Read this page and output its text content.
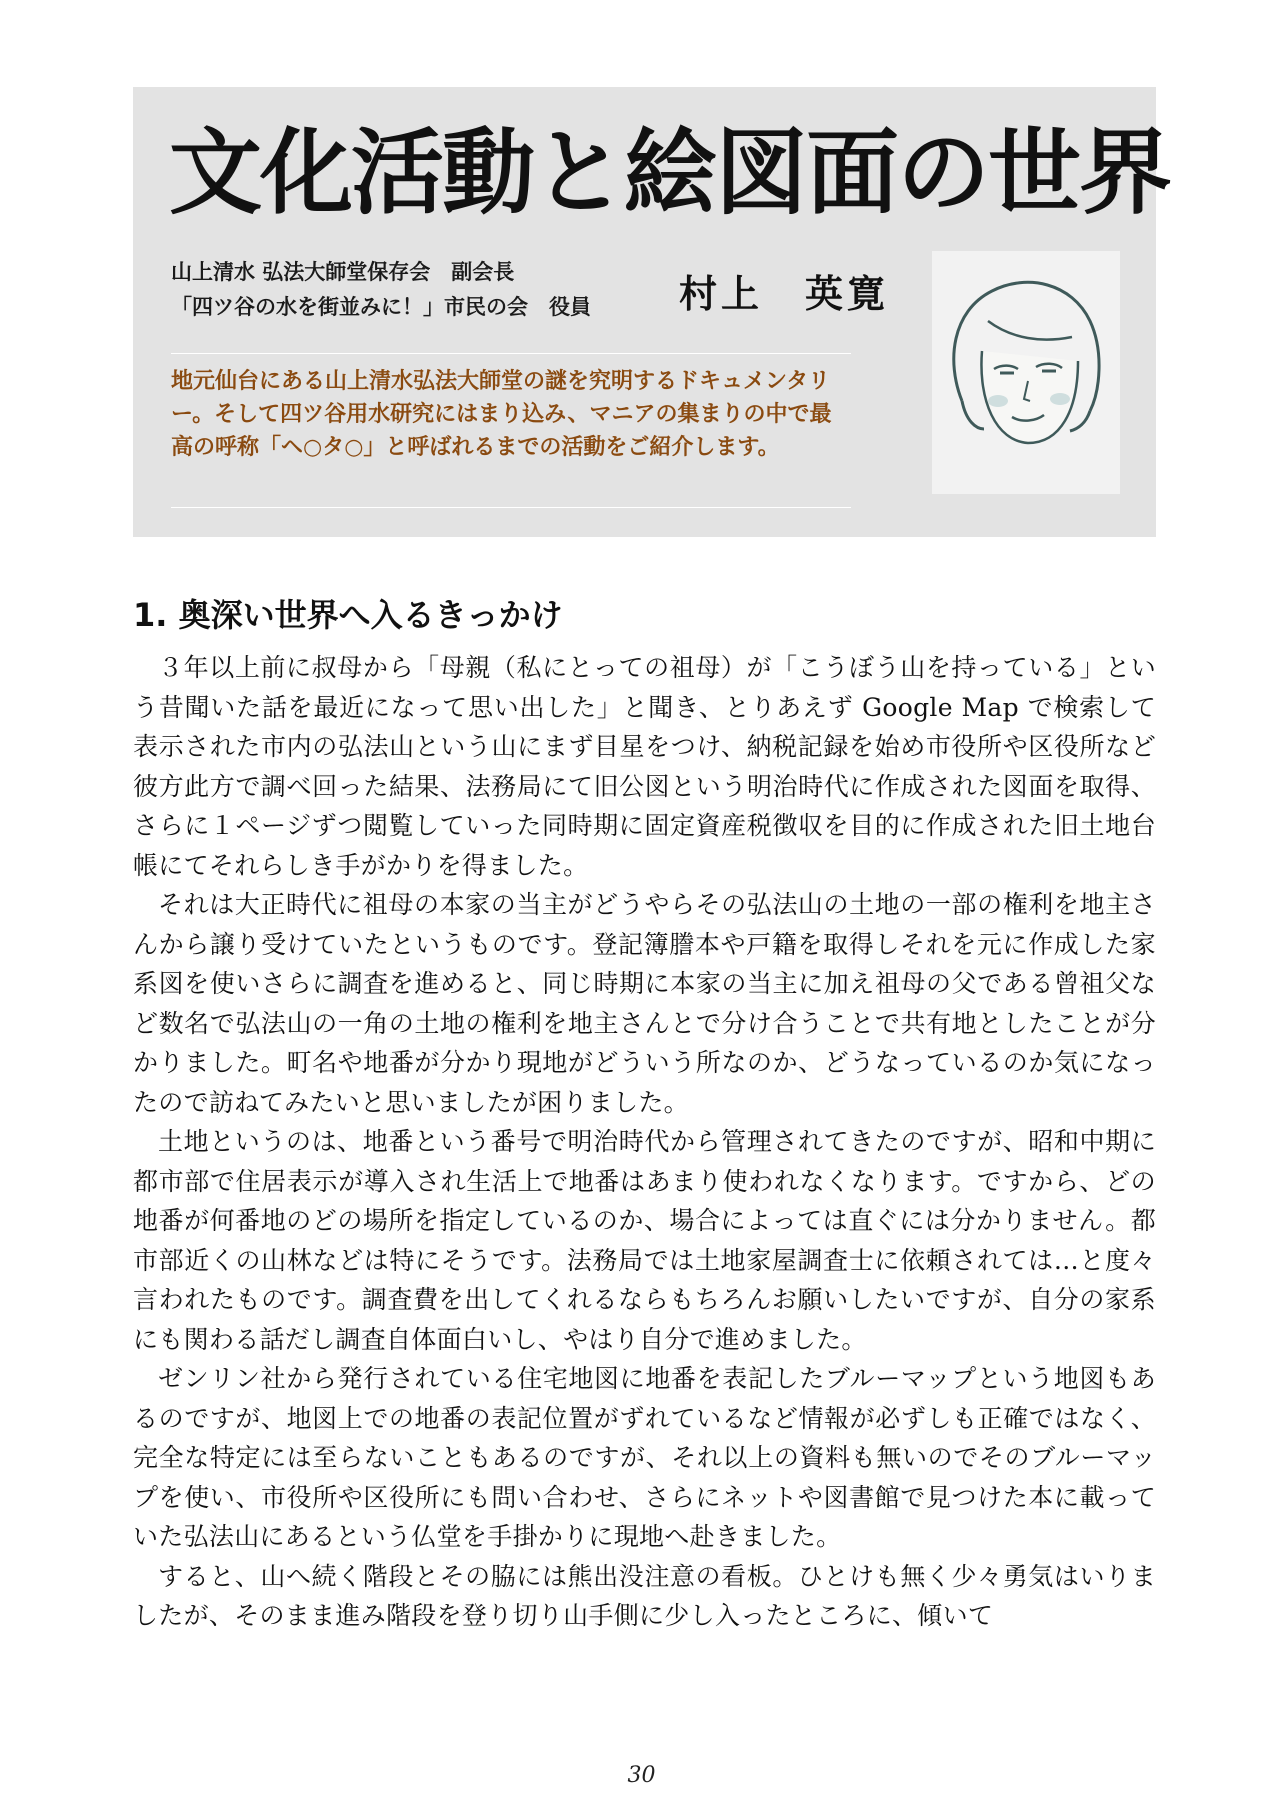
文化活動と絵図面の世界
山上清水 弘法大師堂保存会　副会長
「四ツ谷の水を街並みに！」市民の会　役員 村上　英寛
地元仙台にある山上清水弘法大師堂の謎を究明するドキュメンタリー。そして四ツ谷用水研究にはまり込み、マニアの集まりの中で最高の呼称「ヘ○タ○」と呼ばれるまでの活動をご紹介します。
1. 奥深い世界へ入るきっかけ

３年以上前に叔母から「母親（私にとっての祖母）が「こうぼう山を持っている」という昔聞いた話を最近になって思い出した」と聞き、とりあえず Google Map で検索して表示された市内の弘法山という山にまず目星をつけ、納税記録を始め市役所や区役所など彼方此方で調べ回った結果、法務局にて旧公図という明治時代に作成された図面を取得、さらに１ページずつ閲覧していった同時期に固定資産税徴収を目的に作成された旧土地台帳にてそれらしき手がかりを得ました。

それは大正時代に祖母の本家の当主がどうやらその弘法山の土地の一部の権利を地主さんから譲り受けていたというものです。登記簿謄本や戸籍を取得しそれを元に作成した家系図を使いさらに調査を進めると、同じ時期に本家の当主に加え祖母の父である曾祖父など数名で弘法山の一角の土地の権利を地主さんとで分け合うことで共有地としたことが分かりました。町名や地番が分かり現地がどういう所なのか、どうなっているのか気になったので訪ねてみたいと思いましたが困りました。

土地というのは、地番という番号で明治時代から管理されてきたのですが、昭和中期に都市部で住居表示が導入され生活上で地番はあまり使われなくなります。ですから、どの地番が何番地のどの場所を指定しているのか、場合によっては直ぐには分かりません。都市部近くの山林などは特にそうです。法務局では土地家屋調査士に依頼されては…と度々言われたものです。調査費を出してくれるならもちろんお願いしたいですが、自分の家系にも関わる話だし調査自体面白いし、やはり自分で進めました。

ゼンリン社から発行されている住宅地図に地番を表記したブルーマップという地図もあるのですが、地図上での地番の表記位置がずれているなど情報が必ずしも正確ではなく、完全な特定には至らないこともあるのですが、それ以上の資料も無いのでそのブルーマップを使い、市役所や区役所にも問い合わせ、さらにネットや図書館で見つけた本に載っていた弘法山にあるという仏堂を手掛かりに現地へ赴きました。

すると、山へ続く階段とその脇には熊出没注意の看板。ひとけも無く少々勇気はいりましたが、そのまま進み階段を登り切り山手側に少し入ったところに、傾いて

30
